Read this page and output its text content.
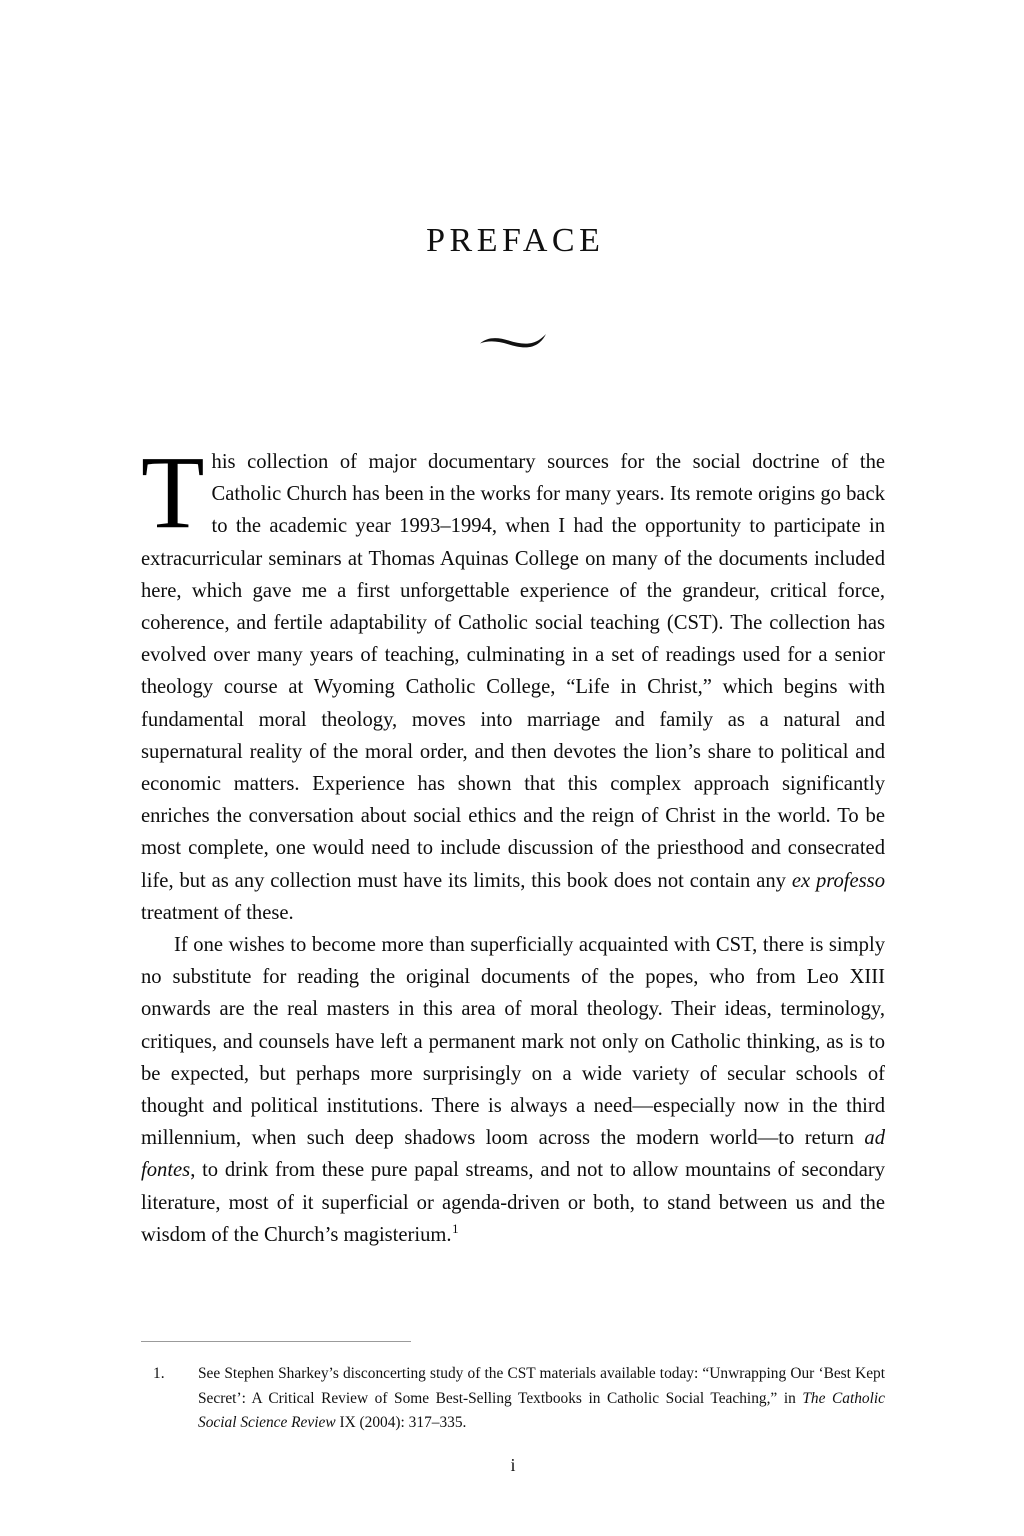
PREFACE

This collection of major documentary sources for the social doctrine of the Catholic Church has been in the works for many years. Its remote origins go back to the academic year 1993–1994, when I had the opportunity to participate in extracurricular seminars at Thomas Aquinas College on many of the documents included here, which gave me a first unforgettable experience of the grandeur, critical force, coherence, and fertile adaptability of Catholic social teaching (CST). The collection has evolved over many years of teaching, culminating in a set of readings used for a senior theology course at Wyoming Catholic College, “Life in Christ,” which begins with fundamental moral theology, moves into marriage and family as a natural and supernatural reality of the moral order, and then devotes the lion’s share to political and economic matters. Experience has shown that this complex approach significantly enriches the conversation about social ethics and the reign of Christ in the world. To be most complete, one would need to include discussion of the priesthood and consecrated life, but as any collection must have its limits, this book does not contain any ex professo treatment of these.

If one wishes to become more than superficially acquainted with CST, there is simply no substitute for reading the original documents of the popes, who from Leo XIII onwards are the real masters in this area of moral theology. Their ideas, terminology, critiques, and counsels have left a permanent mark not only on Catholic thinking, as is to be expected, but perhaps more surprisingly on a wide variety of secular schools of thought and political institutions. There is always a need—especially now in the third millennium, when such deep shadows loom across the modern world—to return ad fontes, to drink from these pure papal streams, and not to allow mountains of secondary literature, most of it superficial or agenda-driven or both, to stand between us and the wisdom of the Church’s magisterium.$^1$

1.	See Stephen Sharkey’s disconcerting study of the CST materials available today: “Unwrapping Our ‘Best Kept Secret’: A Critical Review of Some Best-Selling Textbooks in Catholic Social Teaching,” in The Catholic Social Science Review IX (2004): 317–335.
i
